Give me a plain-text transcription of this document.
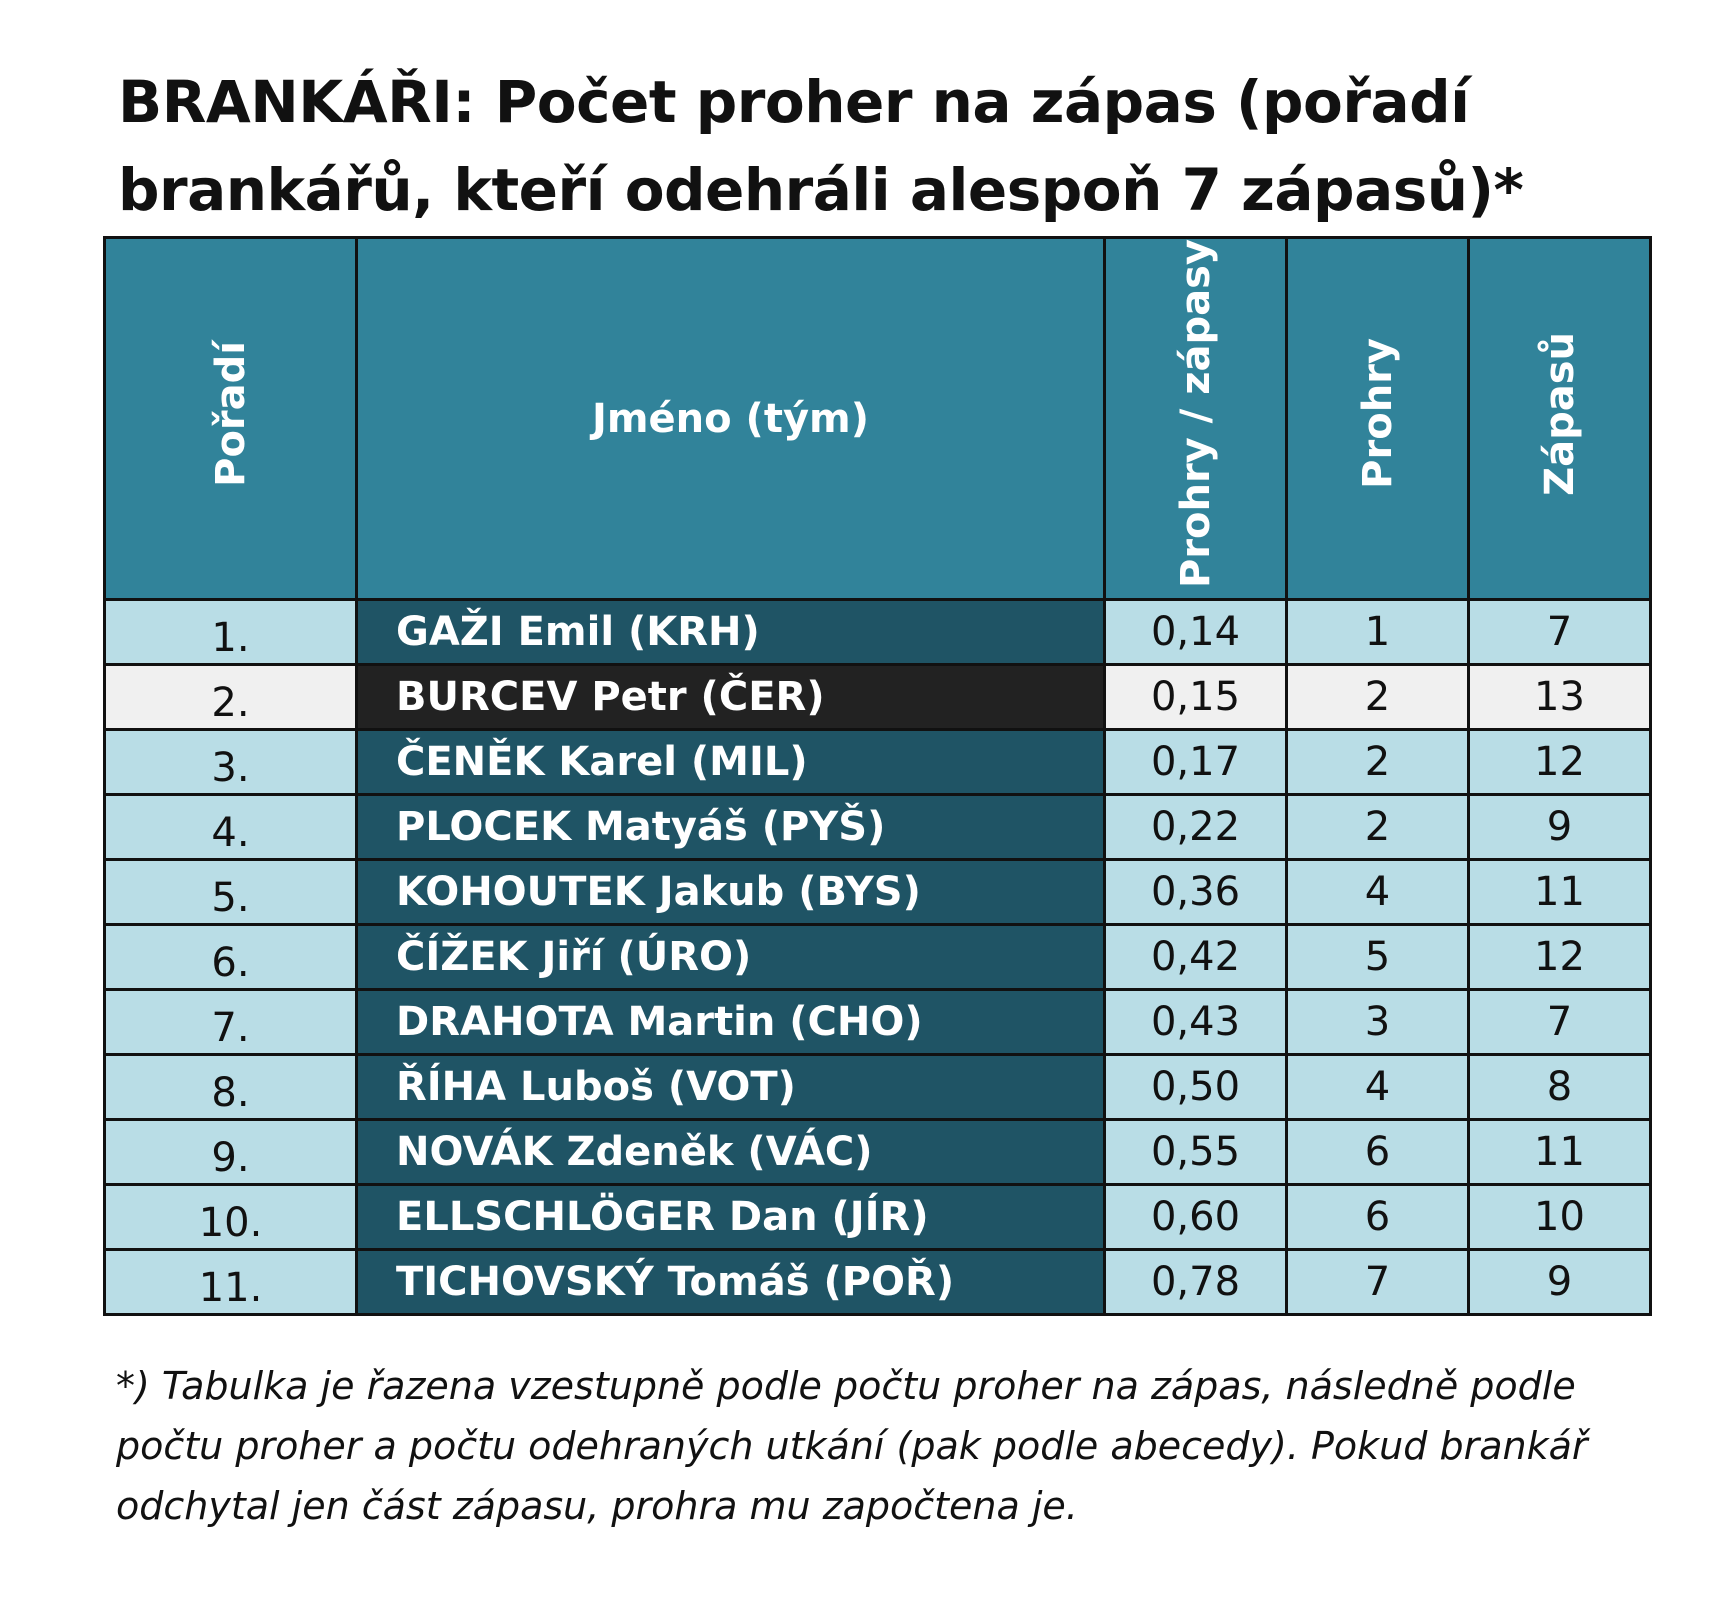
BRANKÁŘI: Počet proher na zápas (pořadí brankářů, kteří odehráli alespoň 7 zápasů)*
Pořadí	Jméno (tým)	Prohry / zápasy	Prohry	Zápasů
1.	GAŽI Emil (KRH)	0,14	1	7
2.	BURCEV Petr (ČER)	0,15	2	13
3.	ČENĚK Karel (MIL)	0,17	2	12
4.	PLOCEK Matyáš (PYŠ)	0,22	2	9
5.	KOHOUTEK Jakub (BYS)	0,36	4	11
6.	ČÍŽEK Jiří (ÚRO)	0,42	5	12
7.	DRAHOTA Martin (CHO)	0,43	3	7
8.	ŘÍHA Luboš (VOT)	0,50	4	8
9.	NOVÁK Zdeněk (VÁC)	0,55	6	11
10.	ELLSCHLÖGER Dan (JÍR)	0,60	6	10
11.	TICHOVSKÝ Tomáš (POŘ)	0,78	7	9

*) Tabulka je řazena vzestupně podle počtu proher na zápas, následně podle počtu proher a počtu odehraných utkání (pak podle abecedy). Pokud brankář odchytal jen část zápasu, prohra mu započtena je.
